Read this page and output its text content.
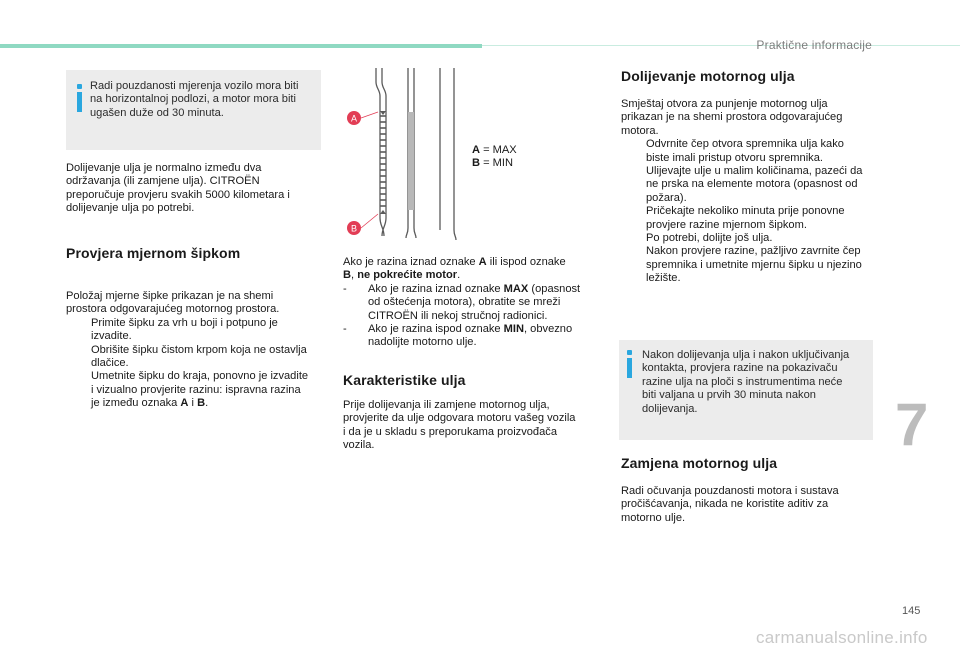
Praktične informacije
Radi pouzdanosti mjerenja vozilo mora biti
na horizontalnoj podlozi, a motor mora biti
ugašen duže od 30 minuta.
Dolijevanje ulja je normalno između dva
održavanja (ili zamjene ulja). CITROËN
preporučuje provjeru svakih 5000 kilometara i
dolijevanje ulja po potrebi.
Provjera mjernom šipkom
Položaj mjerne šipke prikazan je na shemi
prostora odgovarajućeg motornog prostora.
Primite šipku za vrh u boji i potpuno je
izvadite.
Obrišite šipku čistom krpom koja ne ostavlja
dlačice.
Umetnite šipku do kraja, ponovno je izvadite
i vizualno provjerite razinu: ispravna razina
je između oznaka A i B.
A
B
A = MAX
B = MIN
Ako je razina iznad oznake A ili ispod oznake
B, ne pokrećite motor.
- Ako je razina iznad oznake MAX (opasnost
od oštećenja motora), obratite se mreži
CITROËN ili nekoj stručnoj radionici.
- Ako je razina ispod oznake MIN, obvezno
nadolijte motorno ulje.
Karakteristike ulja
Prije dolijevanja ili zamjene motornog ulja,
provjerite da ulje odgovara motoru vašeg vozila
i da je u skladu s preporukama proizvođača
vozila.
Dolijevanje motornog ulja
Smještaj otvora za punjenje motornog ulja
prikazan je na shemi prostora odgovarajućeg
motora.
Odvrnite čep otvora spremnika ulja kako
biste imali pristup otvoru spremnika.
Ulijevajte ulje u malim količinama, pazeći da
ne prska na elemente motora (opasnost od
požara).
Pričekajte nekoliko minuta prije ponovne
provjere razine mjernom šipkom.
Po potrebi, dolijte još ulja.
Nakon provjere razine, pažljivo zavrnite čep
spremnika i umetnite mjernu šipku u njezino
ležište.
Nakon dolijevanja ulja i nakon uključivanja
kontakta, provjera razine na pokazivaču
razine ulja na ploči s instrumentima neće
biti valjana u prvih 30 minuta nakon
dolijevanja.
Zamjena motornog ulja
Radi očuvanja pouzdanosti motora i sustava
pročišćavanja, nikada ne koristite aditiv za
motorno ulje.
7
145
carmanualsonline.info
